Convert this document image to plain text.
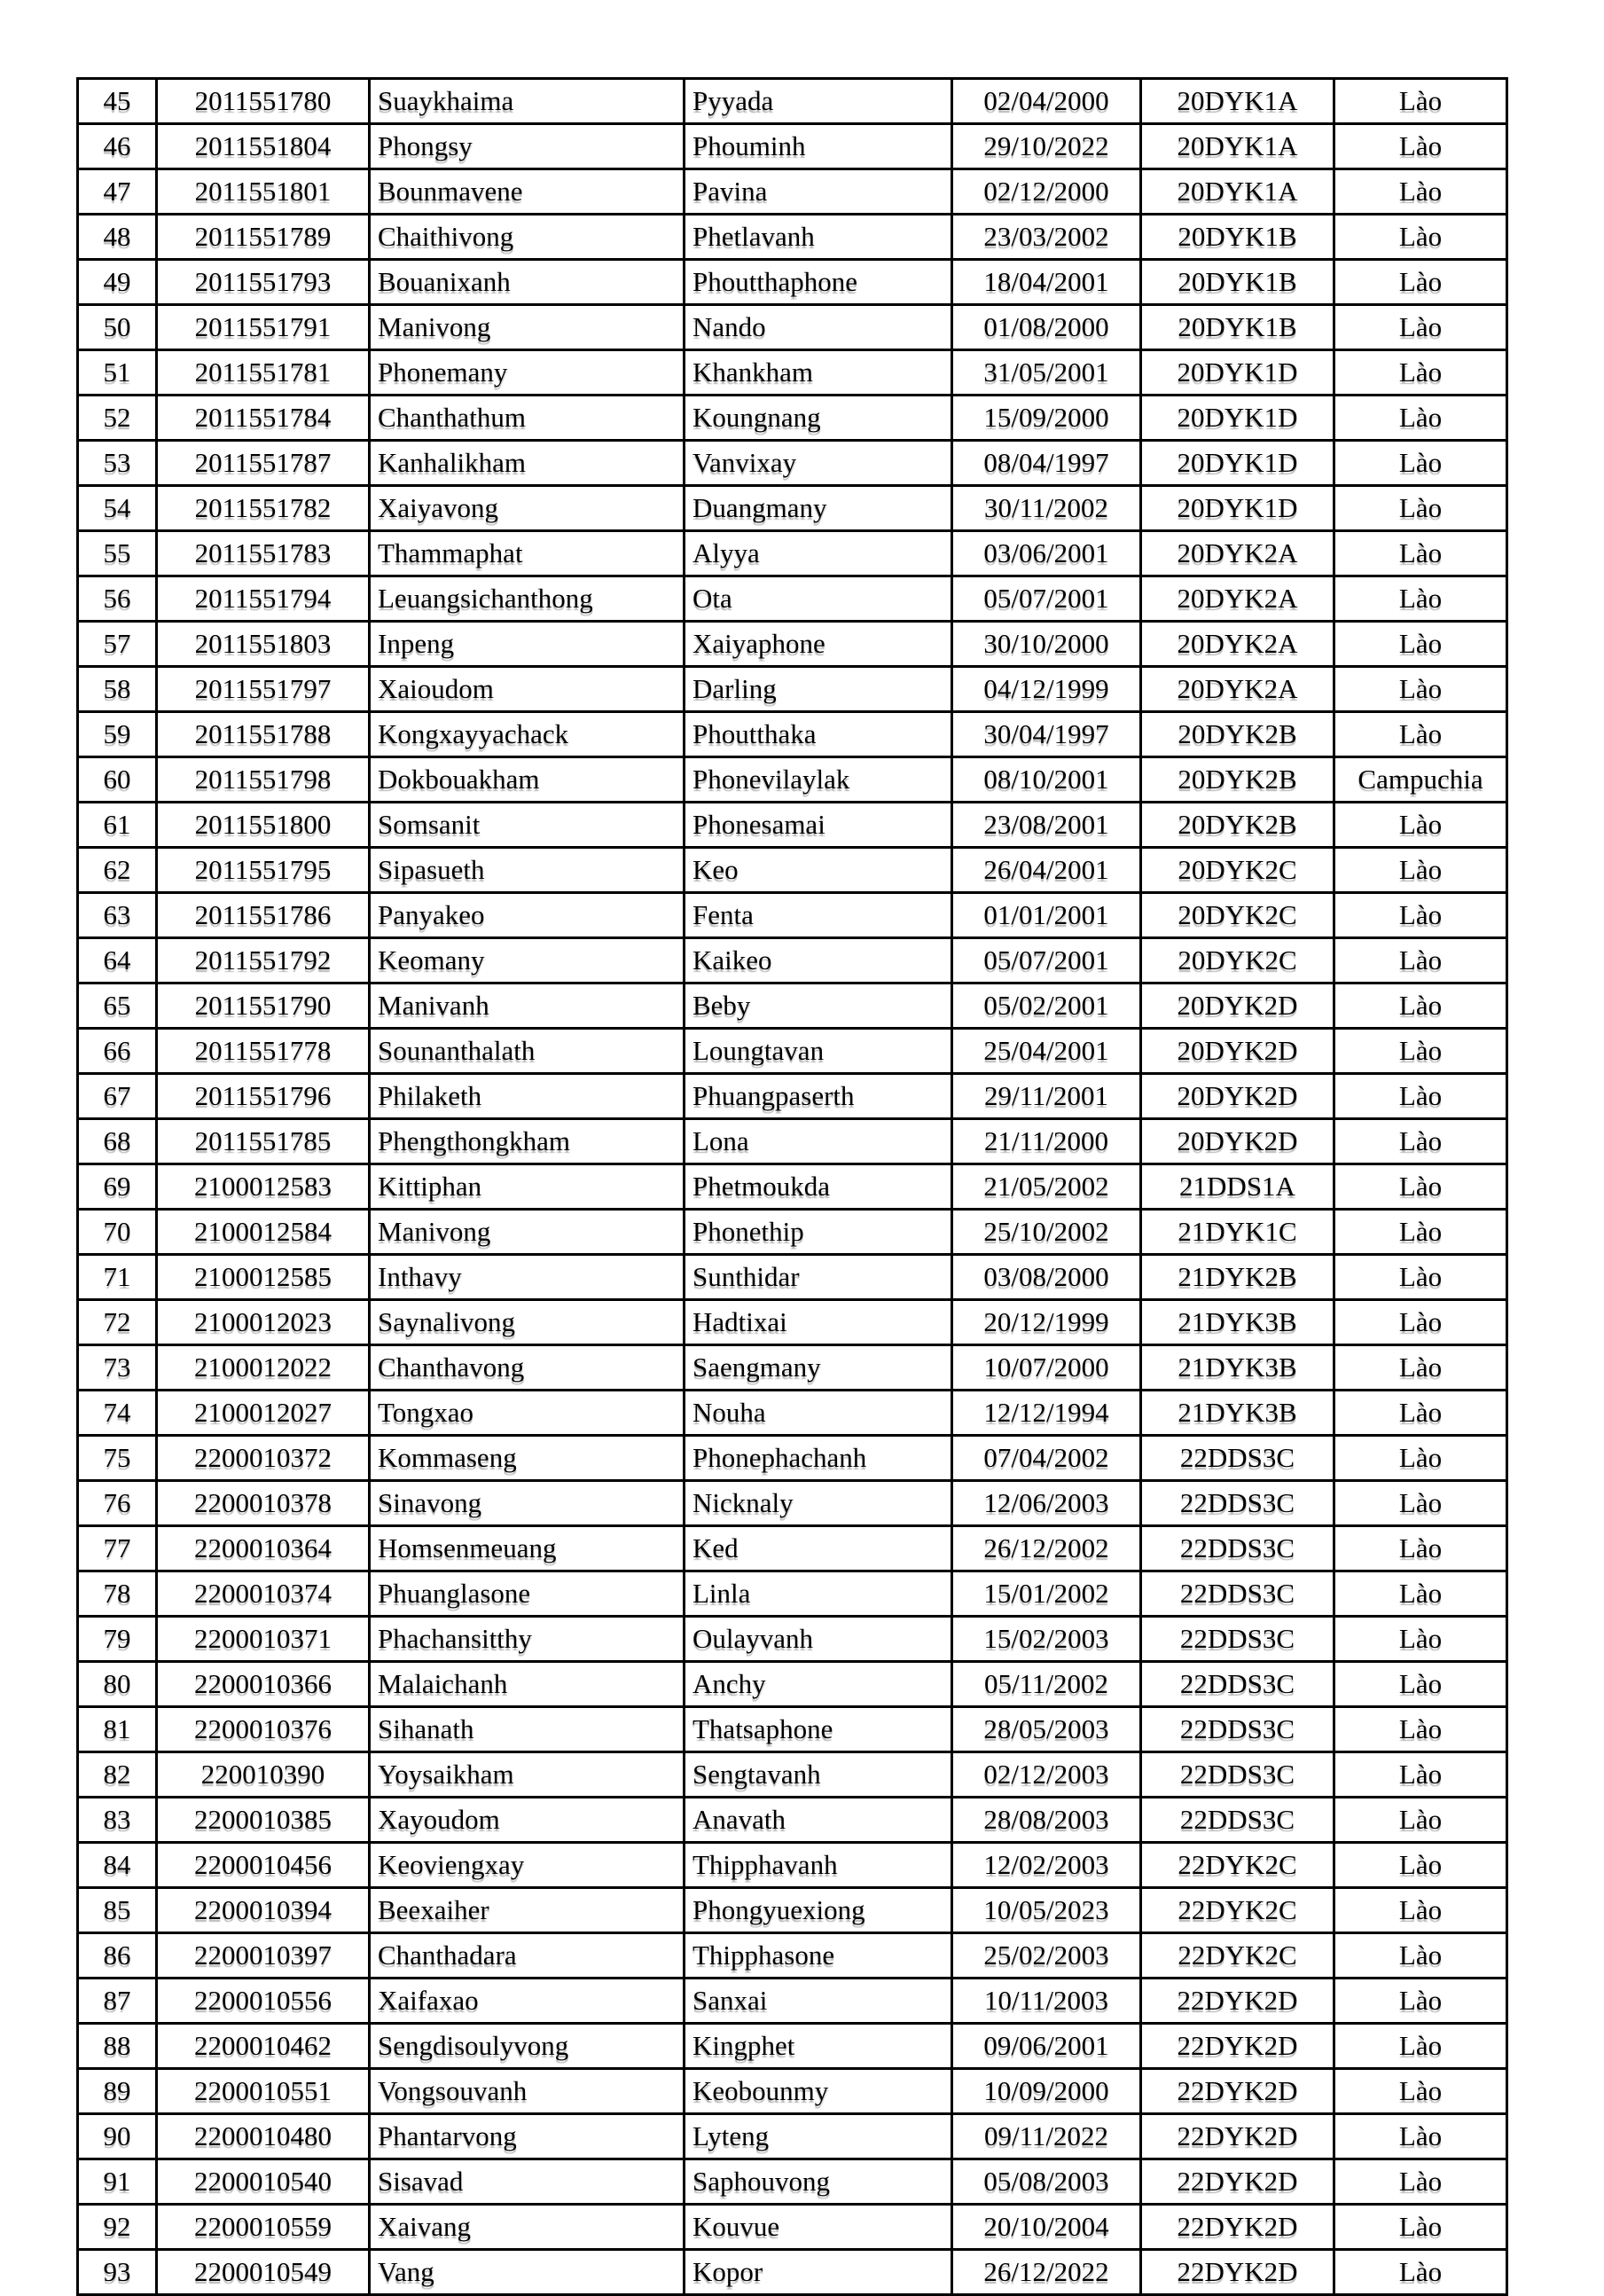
45	2011551780	Suaykhaima	Pyyada	02/04/2000	20DYK1A	Lào
46	2011551804	Phongsy	Phouminh	29/10/2022	20DYK1A	Lào
47	2011551801	Bounmavene	Pavina	02/12/2000	20DYK1A	Lào
48	2011551789	Chaithivong	Phetlavanh	23/03/2002	20DYK1B	Lào
49	2011551793	Bouanixanh	Phoutthaphone	18/04/2001	20DYK1B	Lào
50	2011551791	Manivong	Nando	01/08/2000	20DYK1B	Lào
51	2011551781	Phonemany	Khankham	31/05/2001	20DYK1D	Lào
52	2011551784	Chanthathum	Koungnang	15/09/2000	20DYK1D	Lào
53	2011551787	Kanhalikham	Vanvixay	08/04/1997	20DYK1D	Lào
54	2011551782	Xaiyavong	Duangmany	30/11/2002	20DYK1D	Lào
55	2011551783	Thammaphat	Alyya	03/06/2001	20DYK2A	Lào
56	2011551794	Leuangsichanthong	Ota	05/07/2001	20DYK2A	Lào
57	2011551803	Inpeng	Xaiyaphone	30/10/2000	20DYK2A	Lào
58	2011551797	Xaioudom	Darling	04/12/1999	20DYK2A	Lào
59	2011551788	Kongxayyachack	Phoutthaka	30/04/1997	20DYK2B	Lào
60	2011551798	Dokbouakham	Phonevilaylak	08/10/2001	20DYK2B	Campuchia
61	2011551800	Somsanit	Phonesamai	23/08/2001	20DYK2B	Lào
62	2011551795	Sipasueth	Keo	26/04/2001	20DYK2C	Lào
63	2011551786	Panyakeo	Fenta	01/01/2001	20DYK2C	Lào
64	2011551792	Keomany	Kaikeo	05/07/2001	20DYK2C	Lào
65	2011551790	Manivanh	Beby	05/02/2001	20DYK2D	Lào
66	2011551778	Sounanthalath	Loungtavan	25/04/2001	20DYK2D	Lào
67	2011551796	Philaketh	Phuangpaserth	29/11/2001	20DYK2D	Lào
68	2011551785	Phengthongkham	Lona	21/11/2000	20DYK2D	Lào
69	2100012583	Kittiphan	Phetmoukda	21/05/2002	21DDS1A	Lào
70	2100012584	Manivong	Phonethip	25/10/2002	21DYK1C	Lào
71	2100012585	Inthavy	Sunthidar	03/08/2000	21DYK2B	Lào
72	2100012023	Saynalivong	Hadtixai	20/12/1999	21DYK3B	Lào
73	2100012022	Chanthavong	Saengmany	10/07/2000	21DYK3B	Lào
74	2100012027	Tongxao	Nouha	12/12/1994	21DYK3B	Lào
75	2200010372	Kommaseng	Phonephachanh	07/04/2002	22DDS3C	Lào
76	2200010378	Sinavong	Nicknaly	12/06/2003	22DDS3C	Lào
77	2200010364	Homsenmeuang	Ked	26/12/2002	22DDS3C	Lào
78	2200010374	Phuanglasone	Linla	15/01/2002	22DDS3C	Lào
79	2200010371	Phachansitthy	Oulayvanh	15/02/2003	22DDS3C	Lào
80	2200010366	Malaichanh	Anchy	05/11/2002	22DDS3C	Lào
81	2200010376	Sihanath	Thatsaphone	28/05/2003	22DDS3C	Lào
82	220010390	Yoysaikham	Sengtavanh	02/12/2003	22DDS3C	Lào
83	2200010385	Xayoudom	Anavath	28/08/2003	22DDS3C	Lào
84	2200010456	Keoviengxay	Thipphavanh	12/02/2003	22DYK2C	Lào
85	2200010394	Beexaiher	Phongyuexiong	10/05/2023	22DYK2C	Lào
86	2200010397	Chanthadara	Thipphasone	25/02/2003	22DYK2C	Lào
87	2200010556	Xaifaxao	Sanxai	10/11/2003	22DYK2D	Lào
88	2200010462	Sengdisoulyvong	Kingphet	09/06/2001	22DYK2D	Lào
89	2200010551	Vongsouvanh	Keobounmy	10/09/2000	22DYK2D	Lào
90	2200010480	Phantarvong	Lyteng	09/11/2022	22DYK2D	Lào
91	2200010540	Sisavad	Saphouvong	05/08/2003	22DYK2D	Lào
92	2200010559	Xaivang	Kouvue	20/10/2004	22DYK2D	Lào
93	2200010549	Vang	Kopor	26/12/2022	22DYK2D	Lào
